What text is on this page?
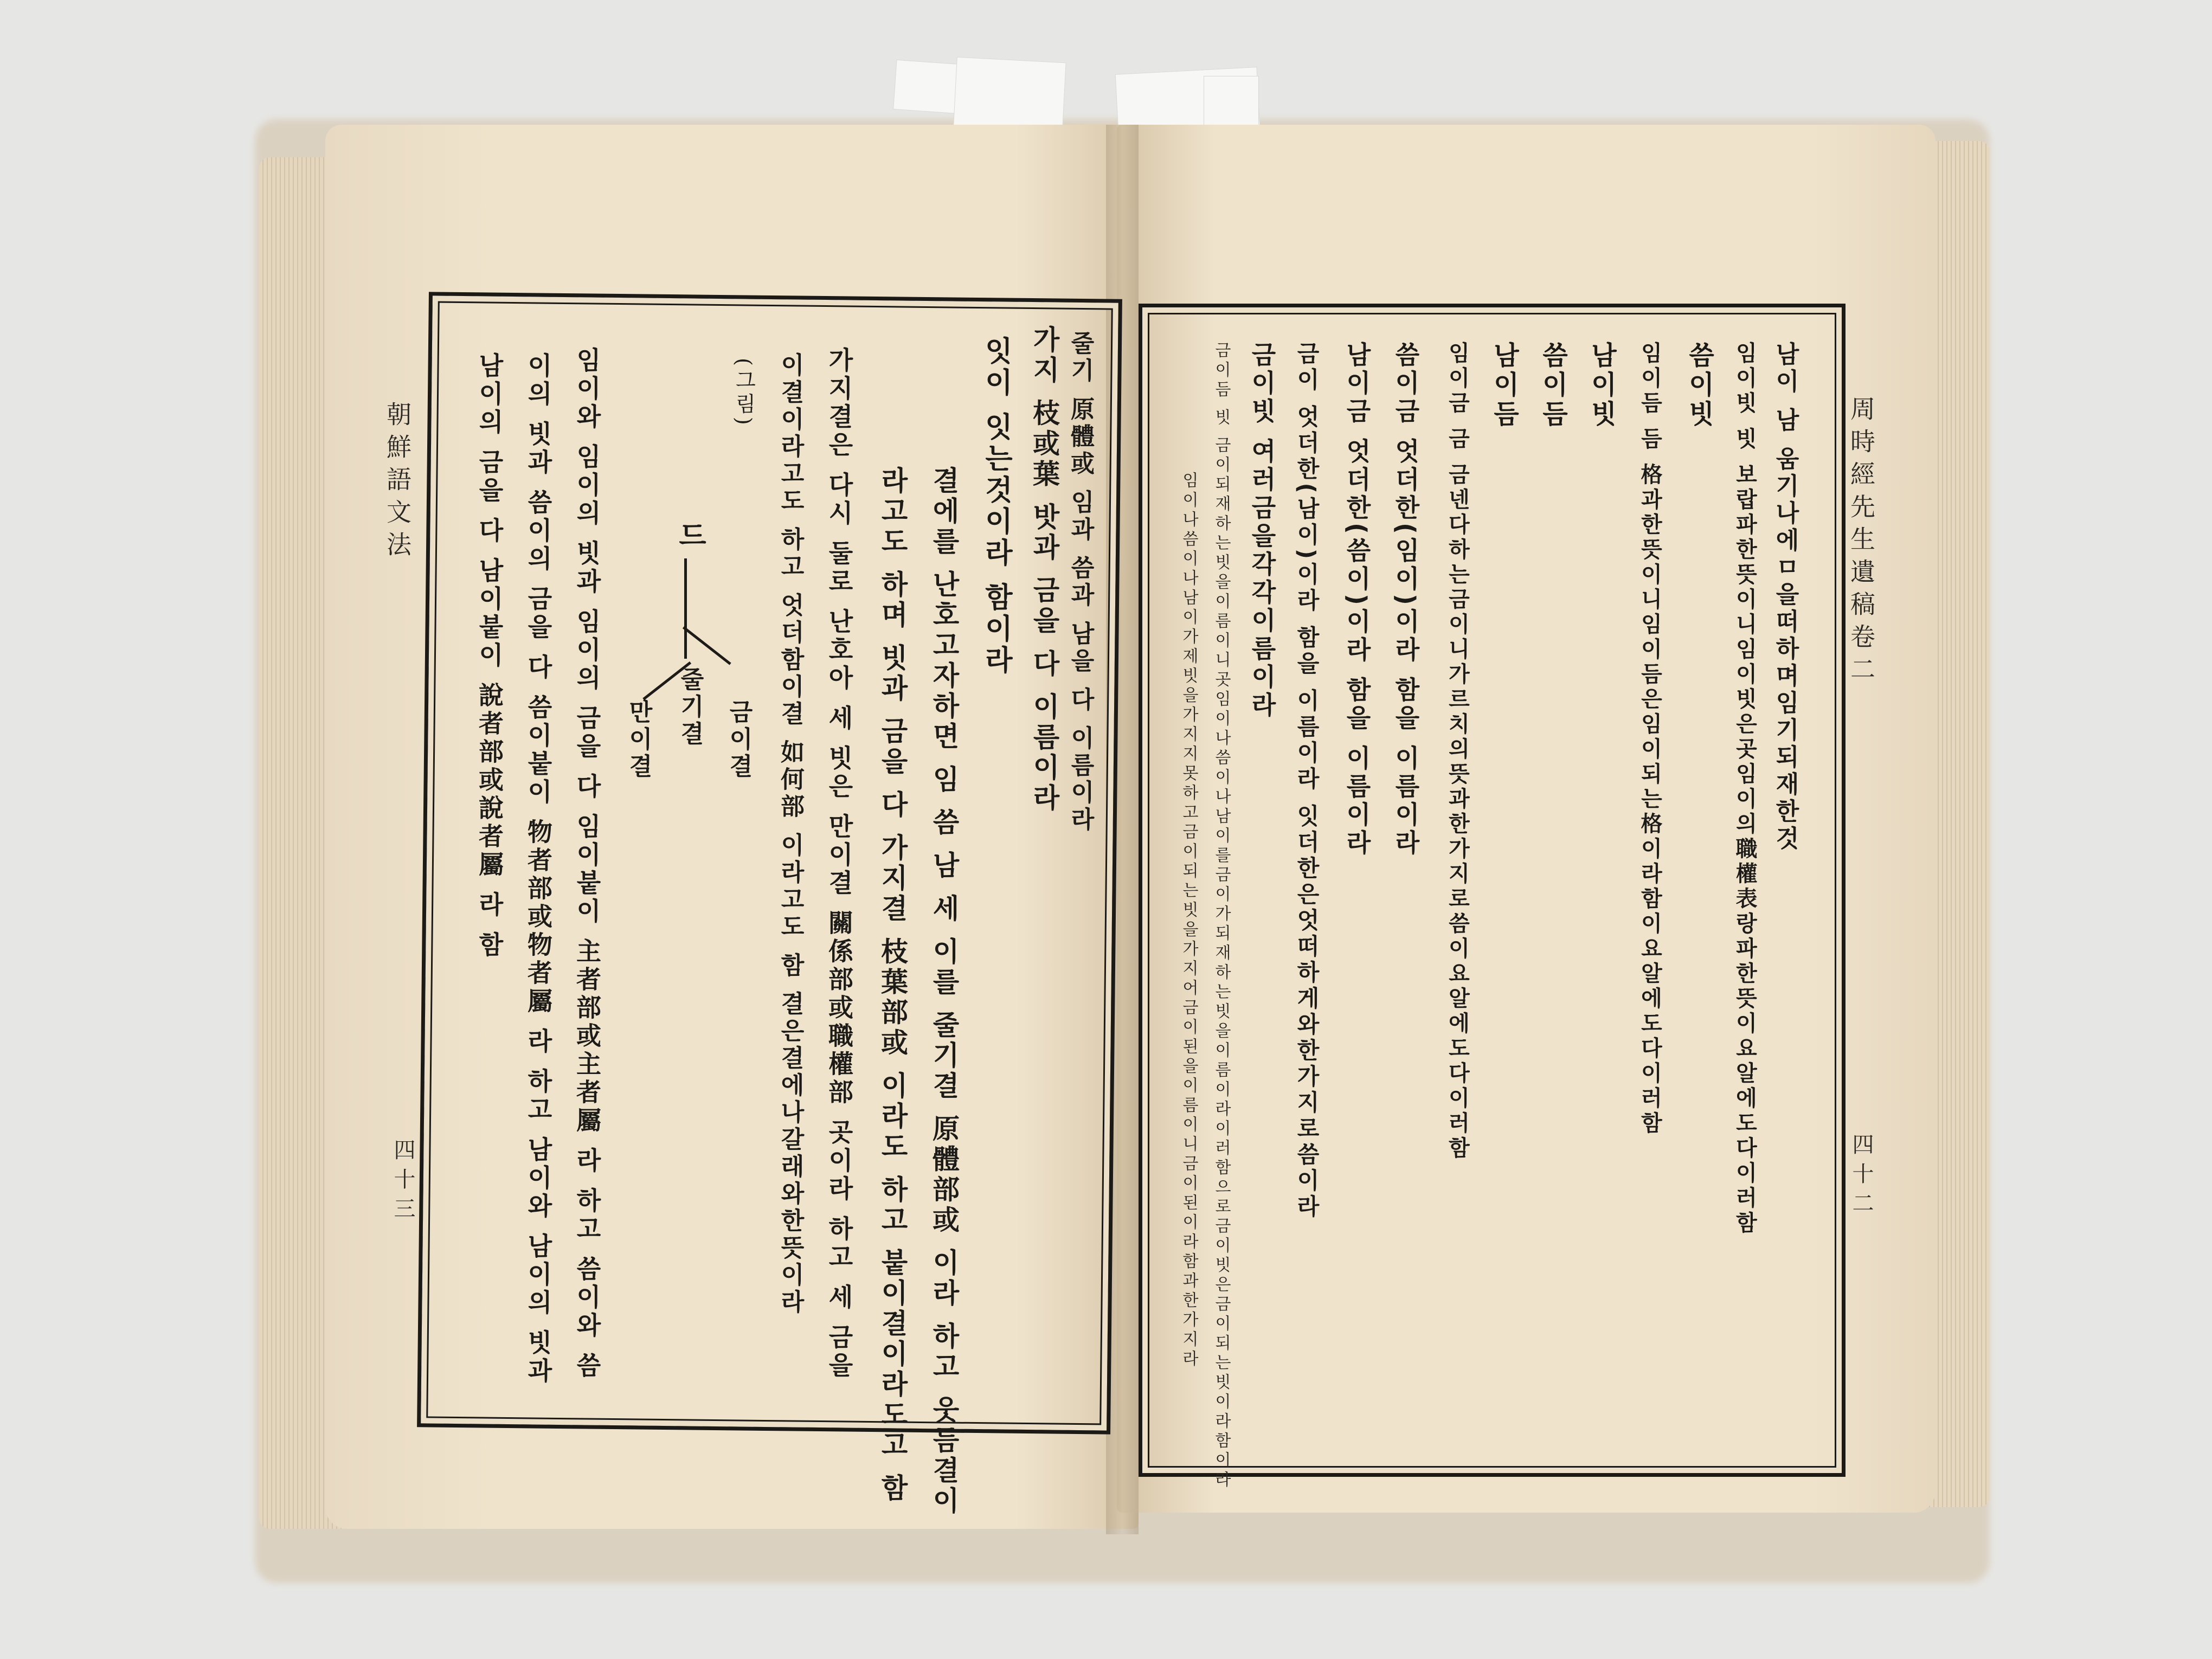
朝鮮語文法
四十三
줄기 原體或 임과 씀과 남을 다 이름이라
가지 枝或葉 밧과 금을 다 이름이라
잇이 잇는것이라 함이라
결에를 난호고자하면 임 씀 남 세 이를 줄기결 原體部或 이라 하고 웃듬결이
라고도 하며 빗과 금을 다 가지결 枝葉部或 이라도 하고 붙이결이라도고 함
가지결은 다시 둘로 난호아 세 빗은 만이결 關係部或職權部 곳이라 하고 세 금을
이결이라고도 하고 엇더함이결 如何部 이라고도 함 결은결에나갈래와한뜻이라
(그림)
드
금이결
줄기결
만이결
임이와 임이의 빗과 임이의 금을 다 임이붙이 主者部或主者屬 라 하고 씀이와 씀
이의 빗과 씀이의 금을 다 씀이붙이 物者部或物者屬 라 하고 남이와 남이의 빗과
남이의 금을 다 남이붙이 說者部或說者屬 라 함	周時經先生遺稿卷二
四十二
남이 남 움기나에ㅁ을떠하며임기되재한것
임이빗 빗 보랍파한뜻이니임이빗은곳임이의職權表랑파한뜻이요알에도다이러함
씀이빗
임이듬 듬 格과한뜻이니임이듬은임이되는格이라함이요알에도다이러함
남이빗
씀이듬
남이듬
임이금 금 금넨다하는금이니가르치의뜻과한가지로씀이요알에도다이러함
씀이금 엇더한(임이)이라 함을 이름이라
남이금 엇더한(씀이)이라 함을 이름이라
금이 엇더한(남이)이라 함을 이름이라 잇더한은엇떠하게와한가지로씀이라
금이빗 여러금을각각이름이라
금이듬 빗 금이되재하는빗을이름이니곳임이나씀이나남이를금이가되재하는빗을이름이라이러함으로금이빗은금이되는빗이라함이라
임이나씀이나남이가제빗을가지지못하고금이되는빗을가지어금이된을이름이니금이된이라함과한가지라
